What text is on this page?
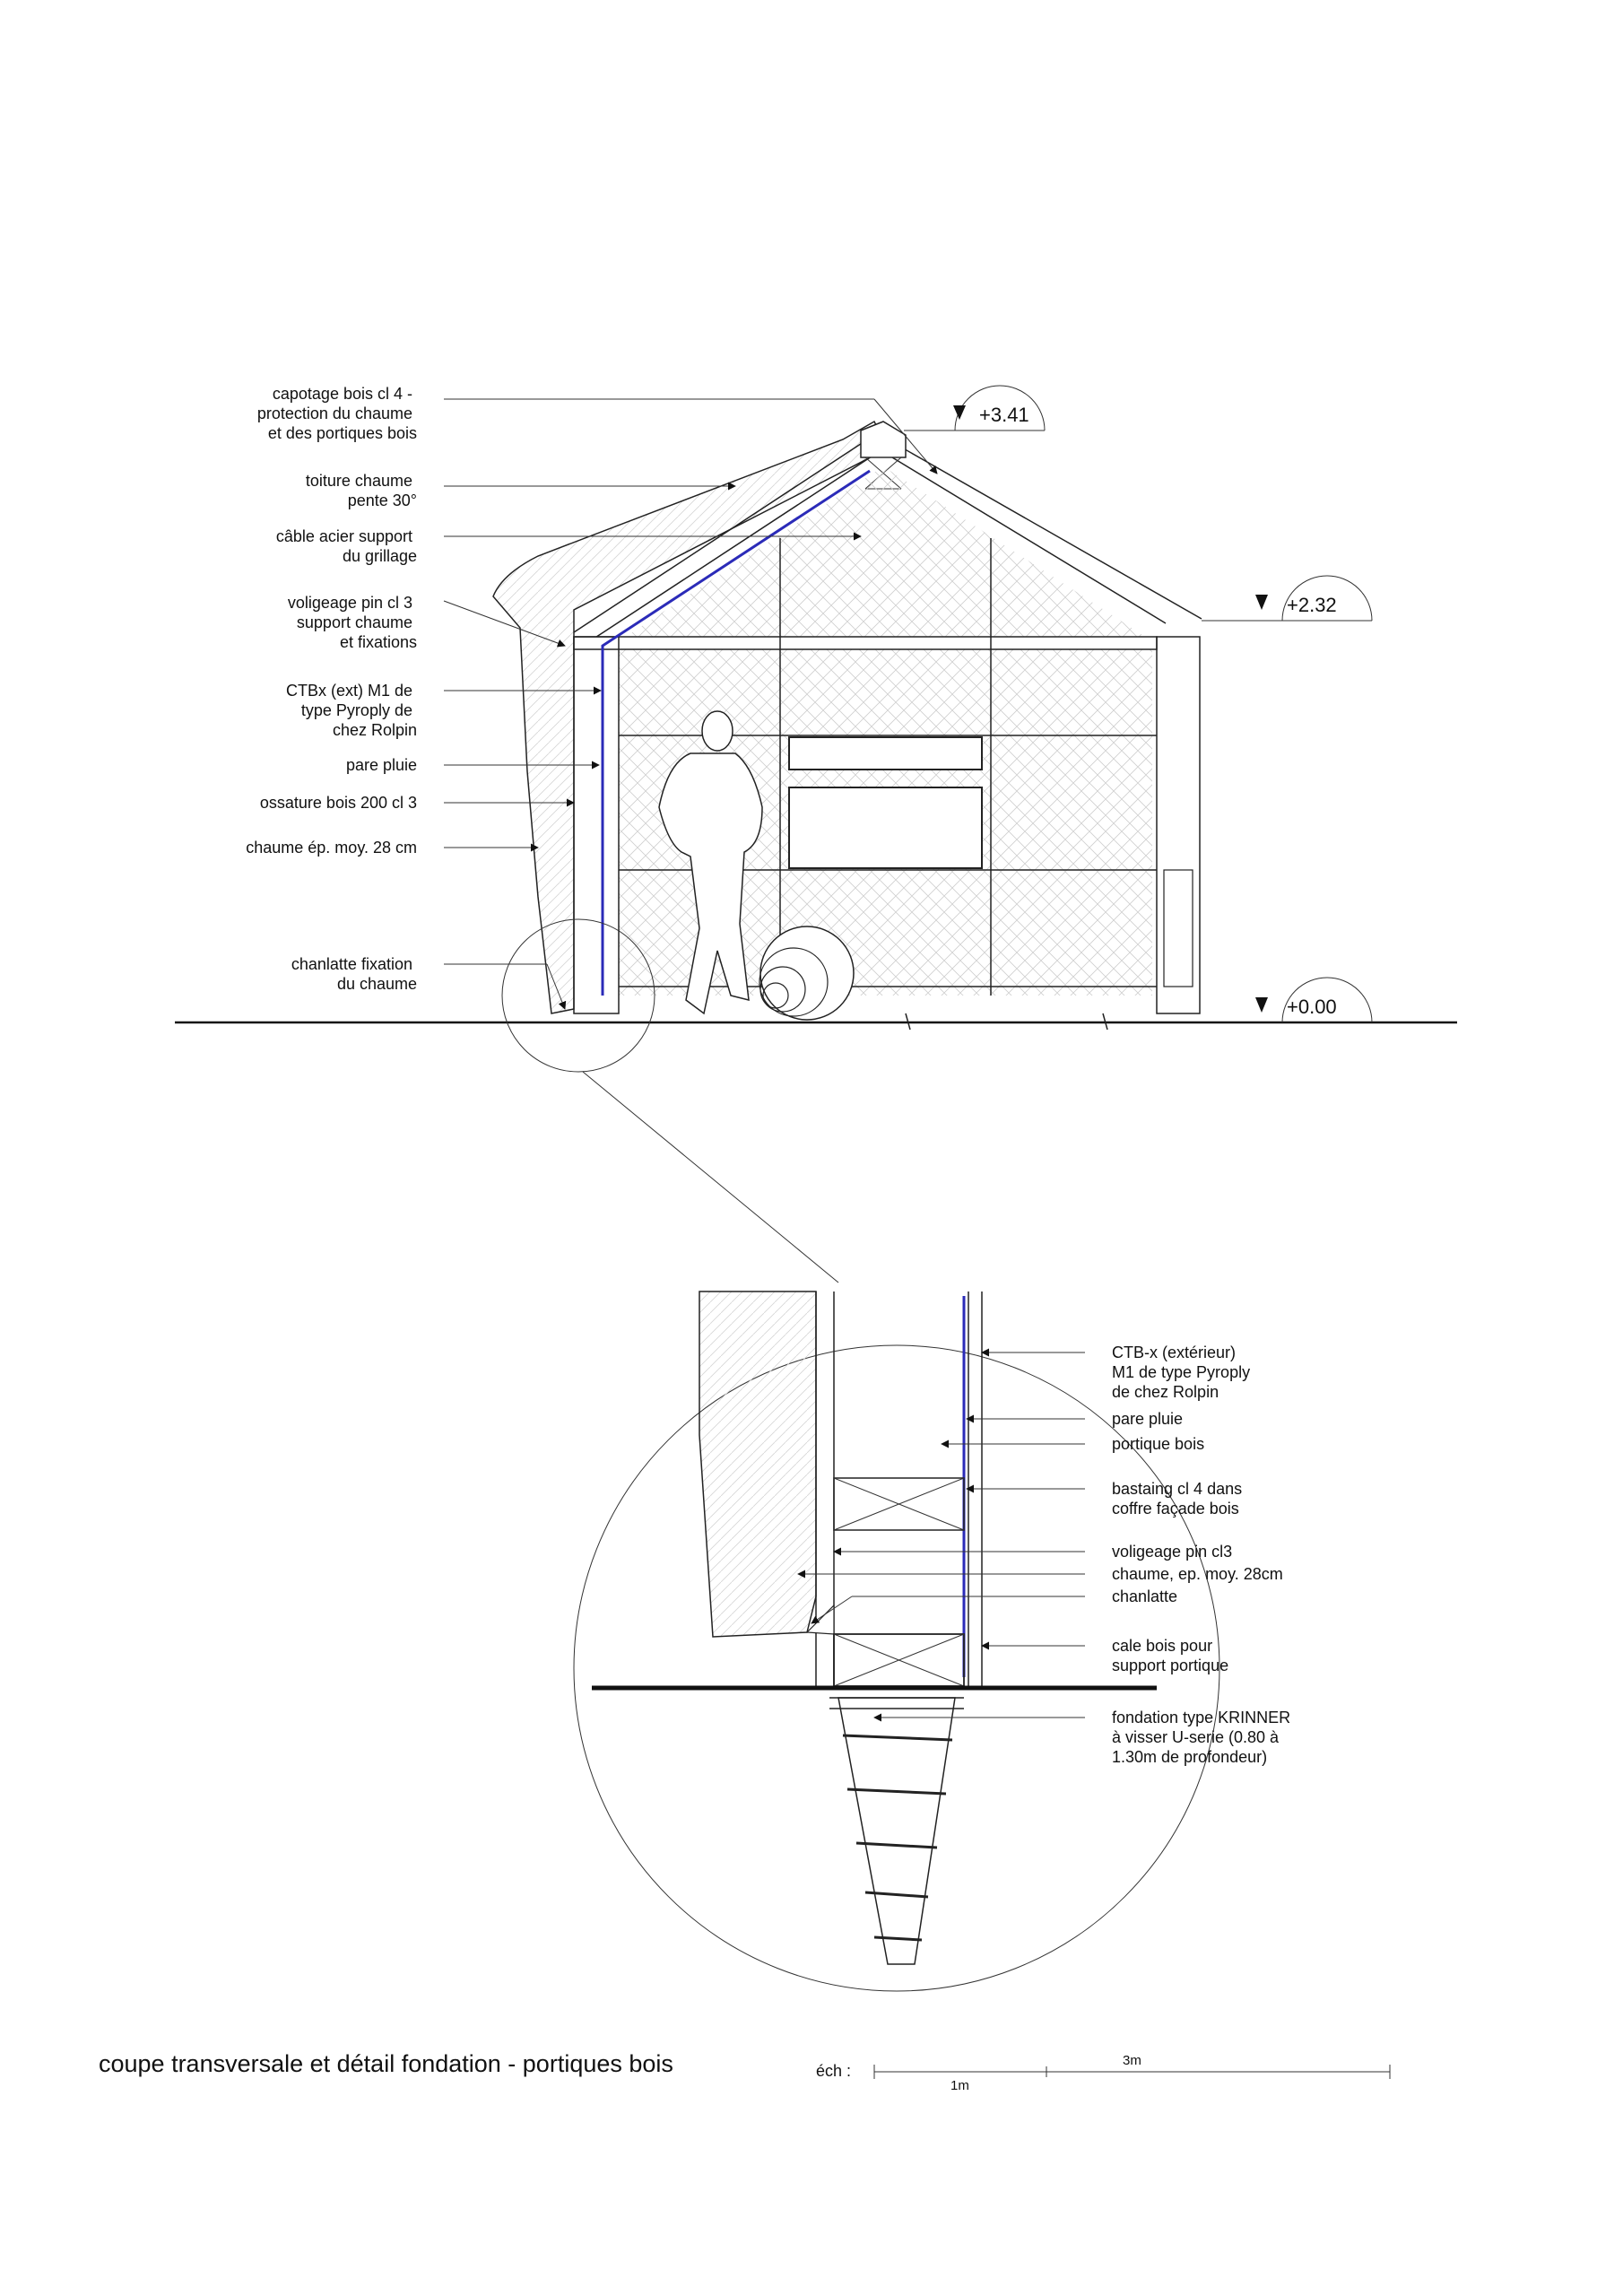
capotage bois cl 4 - protection du chaume et des portiques bois
toiture chaume pente 30°
câble acier support du grillage
voligeage pin cl 3 support chaume et fixations
CTBx (ext) M1 de type Pyroply de chez Rolpin
pare pluie
ossature bois 200 cl 3
chaume ép. moy. 28 cm
chanlatte fixation du chaume
+3.41
+2.32
+0.00
CTB-x (extérieur) M1 de type Pyroply de chez Rolpin
pare pluie
portique bois
bastaing cl 4 dans coffre façade bois
voligeage pin cl3
chaume, ep. moy. 28cm
chanlatte
cale bois pour support portique
fondation type KRINNER à visser U-serie (0.80 à 1.30m de profondeur)
coupe transversale et détail fondation - portiques bois	éch :
1m
3m
